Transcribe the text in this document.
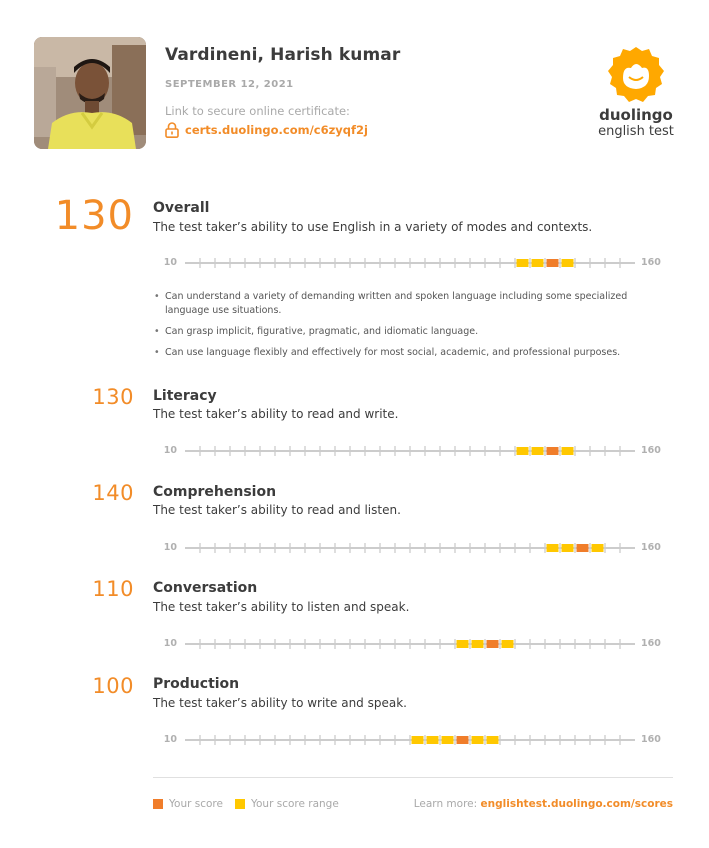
Vardineni, Harish kumar
SEPTEMBER 12, 2021
Link to secure online certificate:
certs.duolingo.com/c6zyqf2j
duolingo
english test
130 Overall
The test taker’s ability to use English in a variety of modes and contexts.
10	160
• Can understand a variety of demanding written and spoken language including some specialized language use situations.
• Can grasp implicit, figurative, pragmatic, and idiomatic language.
• Can use language flexibly and effectively for most social, academic, and professional purposes.
130 Literacy
The test taker’s ability to read and write.
10	160
140 Comprehension
The test taker’s ability to read and listen.
10	160
110 Conversation
The test taker’s ability to listen and speak.
10	160
100 Production
The test taker’s ability to write and speak.
10	160
Your score	Your score range	Learn more: englishtest.duolingo.com/scores
